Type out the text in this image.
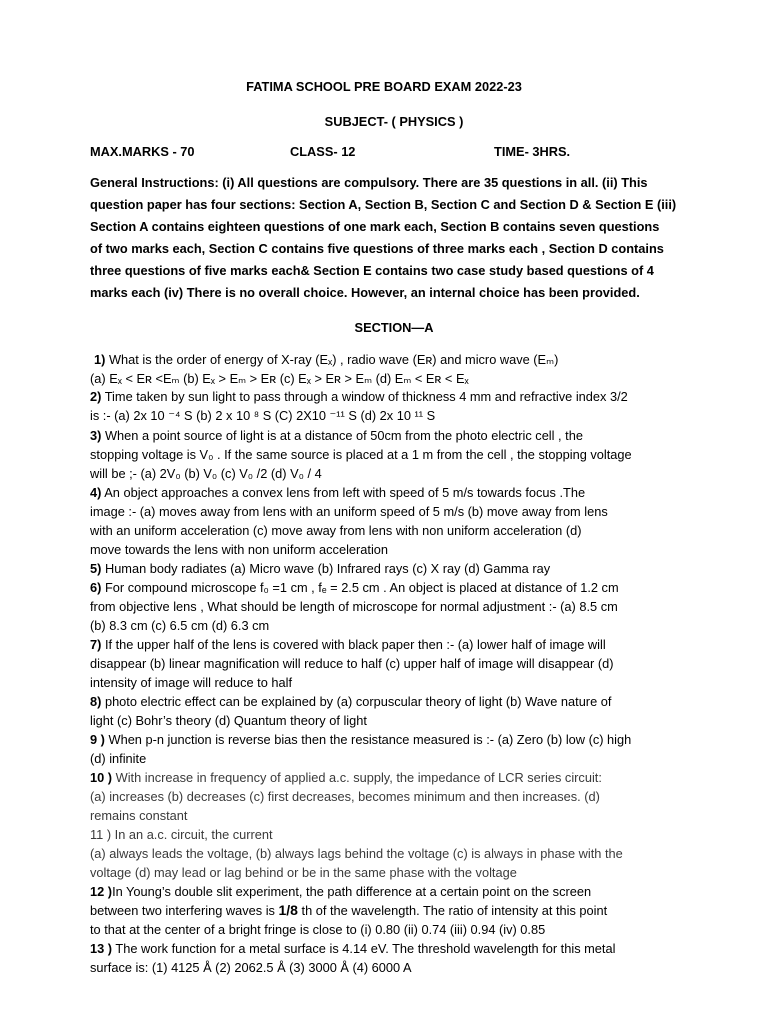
FATIMA SCHOOL PRE BOARD EXAM 2022-23
SUBJECT- ( PHYSICS )
MAX.MARKS - 70	CLASS- 12	TIME- 3HRS.
General Instructions: (i) All questions are compulsory. There are 35 questions in all. (ii) This
question paper has four sections: Section A, Section B, Section C and Section D & Section E (iii)
Section A contains eighteen questions of one mark each, Section B contains seven questions
of two marks each, Section C contains five questions of three marks each , Section D contains
three questions of five marks each& Section E contains two case study based questions of 4
marks each (iv) There is no overall choice. However, an internal choice has been provided.
SECTION—A
1) What is the order of energy of X-ray (Eₓ) , radio wave (Eʀ) and micro wave (Eₘ)
(a) Eₓ < Eʀ <Eₘ (b) Eₓ > Eₘ > Eʀ (c) Eₓ > Eʀ > Eₘ (d) Eₘ < Eʀ < Eₓ
2) Time taken by sun light to pass through a window of thickness 4 mm and refractive index 3/2
is :- (a) 2x 10 ⁻⁴ S (b) 2 x 10 ⁸ S (C) 2X10 ⁻¹¹ S (d) 2x 10 ¹¹ S
3) When a point source of light is at a distance of 50cm from the photo electric cell , the
stopping voltage is V₀ . If the same source is placed at a 1 m from the cell , the stopping voltage
will be ;- (a) 2V₀ (b) V₀ (c) V₀ /2 (d) V₀ / 4
4) An object approaches a convex lens from left with speed of 5 m/s towards focus .The
image :- (a) moves away from lens with an uniform speed of 5 m/s (b) move away from lens
with an uniform acceleration (c) move away from lens with non uniform acceleration (d)
move towards the lens with non uniform acceleration
5) Human body radiates (a) Micro wave (b) Infrared rays (c) X ray (d) Gamma ray
6) For compound microscope f₀ =1 cm , fₑ = 2.5 cm . An object is placed at distance of 1.2 cm
from objective lens , What should be length of microscope for normal adjustment :- (a) 8.5 cm
(b) 8.3 cm (c) 6.5 cm (d) 6.3 cm
7) If the upper half of the lens is covered with black paper then :- (a) lower half of image will
disappear (b) linear magnification will reduce to half (c) upper half of image will disappear (d)
intensity of image will reduce to half
8) photo electric effect can be explained by (a) corpuscular theory of light (b) Wave nature of
light (c) Bohr’s theory (d) Quantum theory of light
9 ) When p-n junction is reverse bias then the resistance measured is :- (a) Zero (b) low (c) high
(d) infinite
10 ) With increase in frequency of applied a.c. supply, the impedance of LCR series circuit:
(a) increases (b) decreases (c) first decreases, becomes minimum and then increases. (d)
remains constant
11 ) In an a.c. circuit, the current
(a) always leads the voltage, (b) always lags behind the voltage (c) is always in phase with the
voltage (d) may lead or lag behind or be in the same phase with the voltage
12 )In Young’s double slit experiment, the path difference at a certain point on the screen
between two interfering waves is 1/8 th of the wavelength. The ratio of intensity at this point
to that at the center of a bright fringe is close to (i) 0.80 (ii) 0.74 (iii) 0.94 (iv) 0.85
13 ) The work function for a metal surface is 4.14 eV. The threshold wavelength for this metal
surface is: (1) 4125 Å (2) 2062.5 Å (3) 3000 Å (4) 6000 A
